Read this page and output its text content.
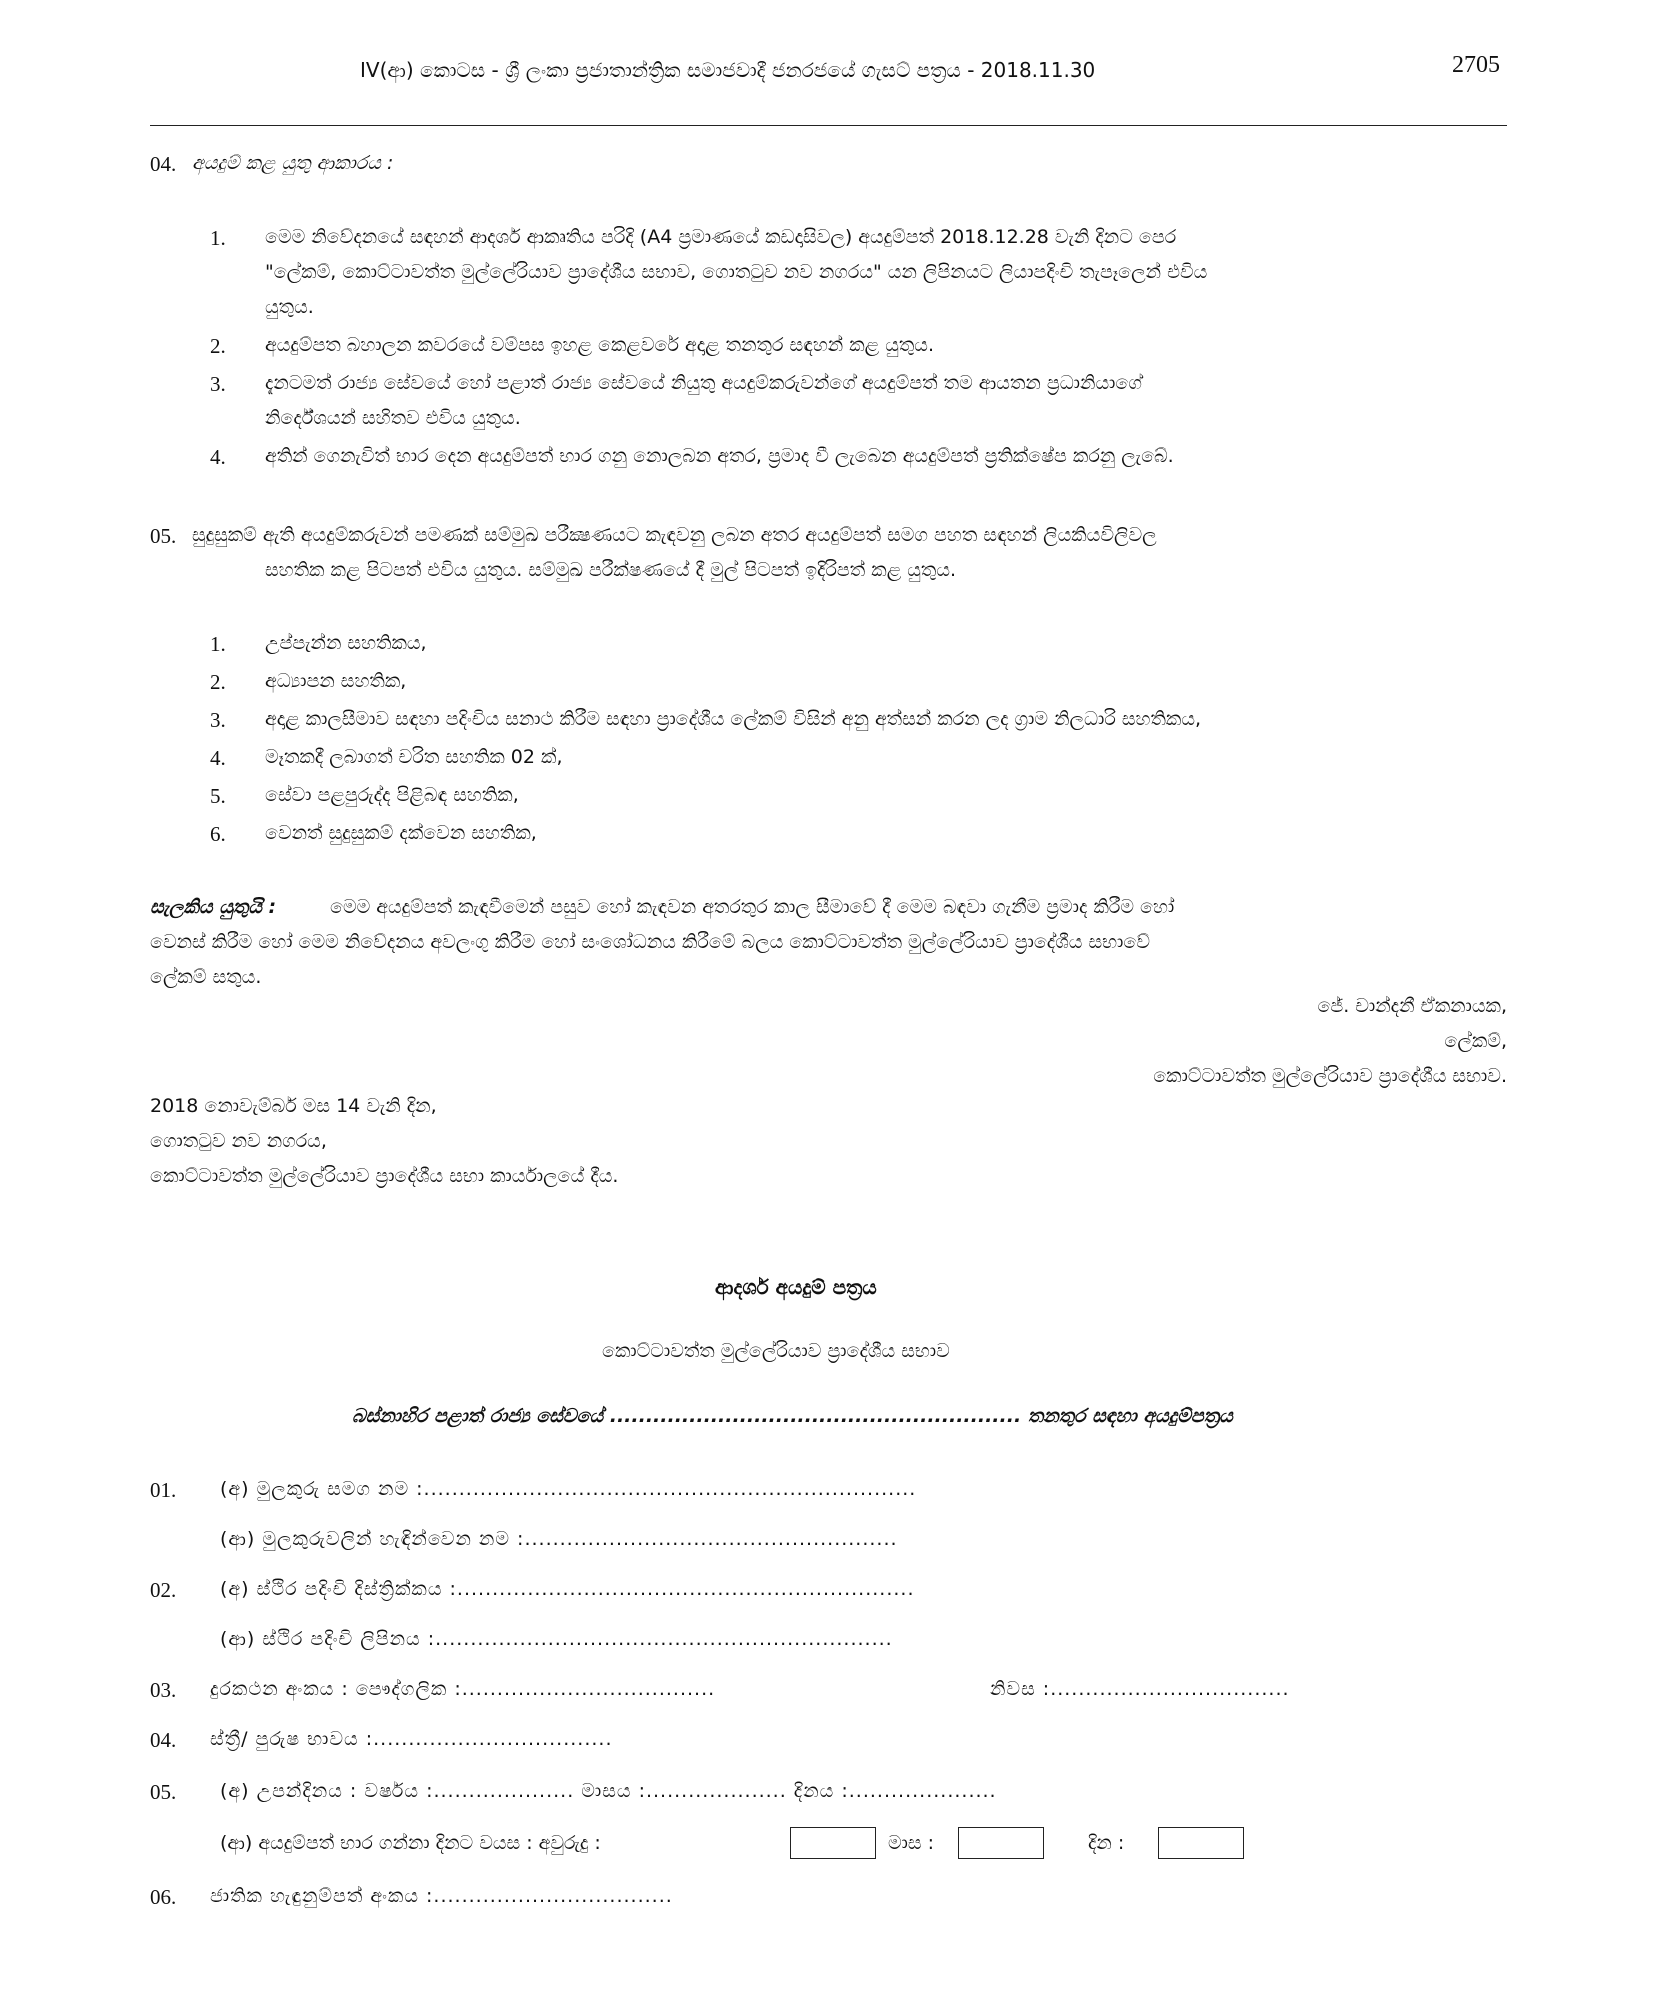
IV(ආ) කොටස - ශ්‍රී ලංකා ප්‍රජාතාන්ත්‍රික සමාජවාදී ජනරජයේ ගැසට් පත්‍රය - 2018.11.30	2705
04. අයදුම් කළ යුතු ආකාරය :
1. මෙම නිවේදනයේ සඳහන් ආදර්ශ ආකෘතිය පරිදි (A4 ප්‍රමාණයේ කඩදාසිවල) අයදුම්පත් 2018.12.28 වැනි දිනට පෙර
"ලේකම්, කොට්ටාවත්ත මුල්ලේරියාව ප්‍රාදේශීය සභාව, ගොතටුව නව නගරය" යන ලිපිනයට ලියාපදිංචි තැපෑලෙන් එවිය
යුතුය.
2. අයදුම්පත බහාලන කවරයේ වම්පස ඉහළ කෙළවරේ අදාළ තනතුර සඳහන් කළ යුතුය.
3. දැනටමත් රාජ්‍ය සේවයේ හෝ පළාත් රාජ්‍ය සේවයේ නියුතු අයදුම්කරුවන්ගේ අයදුම්පත් තම ආයතන ප්‍රධානියාගේ
නිර්දේශයන් සහිතව එවිය යුතුය.
4. අතින් ගෙනැවිත් භාර දෙන අයදුම්පත් භාර ගනු නොලබන අතර, ප්‍රමාද වී ලැබෙන අයදුම්පත් ප්‍රතික්ෂේප කරනු ලැබේ.
05. සුදුසුකම් ඇති අයදුම්කරුවන් පමණක් සම්මුඛ පරීක්‍ෂණයට කැඳවනු ලබන අතර අයදුම්පත් සමග පහත සඳහන් ලියකියවිලිවල
සහතික කළ පිටපත් එවිය යුතුය. සම්මුඛ පරීක්ෂණයේ දී මුල් පිටපත් ඉදිරිපත් කළ යුතුය.
1. උප්පැන්න සහතිකය,
2. අධ්‍යාපන සහතික,
3. අදාළ කාලසීමාව සඳහා පදිංචිය සනාථ කිරීම සඳහා ප්‍රාදේශීය ලේකම් විසින් අනු අත්සන් කරන ලද ග්‍රාම නිලධාරි සහතිකය,
4. මෑතකදී ලබාගත් චරිත සහතික 02 ක්,
5. සේවා පළපුරුද්ද පිළිබඳ සහතික,
6. වෙනත් සුදුසුකම් දක්වෙන සහතික,
සැලකිය යුතුයි :	මෙම අයදුම්පත් කැඳවීමෙන් පසුව හෝ කැඳවන අතරතුර කාල සීමාවේ දී මෙම බඳවා ගැනීම ප්‍රමාද කිරීම හෝ
වෙනස් කිරීම හෝ මෙම නිවේදනය අවලංගු කිරීම හෝ සංශෝධනය කිරීමේ බලය කොට්ටාවත්ත මුල්ලේරියාව ප්‍රාදේශීය සභාවේ
ලේකම් සතුය.
ජේ. චාන්දනී ඒකනායක,
ලේකම්,
කොට්ටාවත්ත මුල්ලේරියාව ප්‍රාදේශීය සභාව.
2018 නොවැම්බර් මස 14 වැනි දින,
ගොතටුව නව නගරය,
කොට්ටාවත්ත මුල්ලේරියාව ප්‍රාදේශීය සභා කාර්යාලයේ දීය.
ආදර්ශ අයදුම් පත්‍රය
කොට්ටාවත්ත මුල්ලේරියාව ප්‍රාදේශීය සභාව
බස්නාහිර පළාත් රාජ්‍ය සේවයේ ......................................................... තනතුර සඳහා අයදුම්පත්‍රය
01. (අ) මුලකුරු සමග නම :......................................................................
(ආ) මුලකුරුවලින් හැඳින්වෙන නම :.....................................................
02. (අ) ස්ථිර පදිංචි දිස්ත්‍රික්කය :.................................................................
(ආ) ස්ථිර පදිංචි ලිපිනය :.................................................................
03. දුරකථන අංකය : පෞද්ගලික :....................................	නිවස :..................................
04. ස්ත්‍රී/ පුරුෂ භාවය :..................................
05. (අ) උපන්දිනය : වර්ෂය :.................... මාසය :.................... දිනය :.....................
(ආ) අයදුම්පත් භාර ගන්නා දිනට වයස : අවුරුදු :	මාස :	දින :
06. ජාතික හැඳුනුම්පත් අංකය :..................................
